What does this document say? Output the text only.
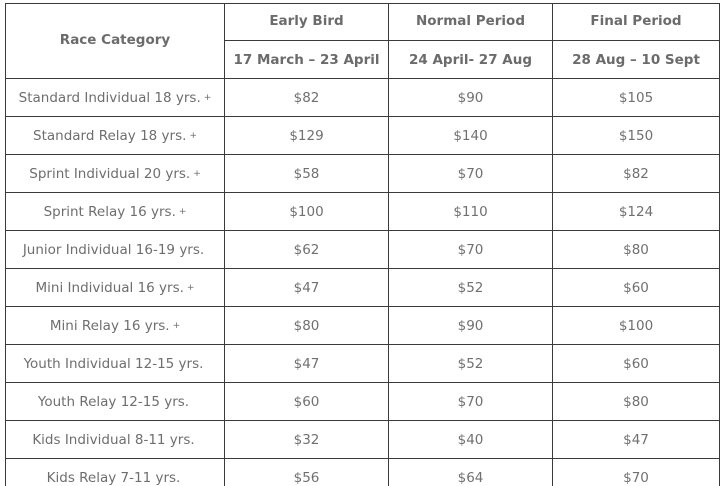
Race Category	Early Bird	Normal Period	Final Period
	17 March – 23 April	24 April- 27 Aug	28 Aug – 10 Sept
Standard Individual 18 yrs. +	$82	$90	$105
Standard Relay 18 yrs. +	$129	$140	$150
Sprint Individual 20 yrs. +	$58	$70	$82
Sprint Relay 16 yrs. +	$100	$110	$124
Junior Individual 16-19 yrs.	$62	$70	$80
Mini Individual 16 yrs. +	$47	$52	$60
Mini Relay 16 yrs. +	$80	$90	$100
Youth Individual 12-15 yrs.	$47	$52	$60
Youth Relay 12-15 yrs.	$60	$70	$80
Kids Individual 8-11 yrs.	$32	$40	$47
Kids Relay 7-11 yrs.	$56	$64	$70
